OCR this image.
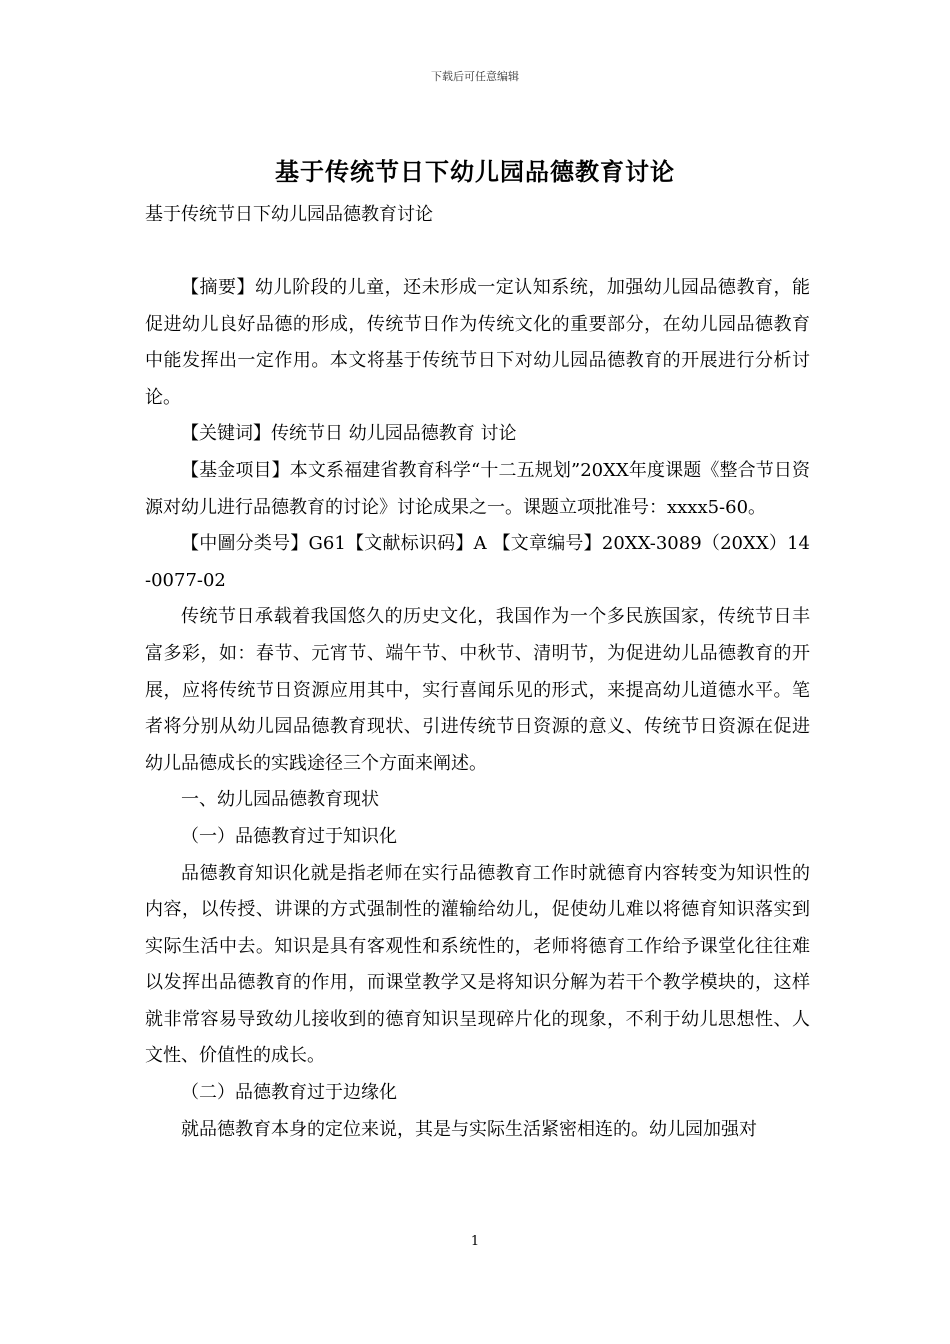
下载后可任意编辑
基于传统节日下幼儿园品德教育讨论
基于传统节日下幼儿园品德教育讨论

【摘要】幼儿阶段的儿童，还未形成一定认知系统，加强幼儿园品德教育，能促进幼儿良好品德的形成，传统节日作为传统文化的重要部分，在幼儿园品德教育中能发挥出一定作用。本文将基于传统节日下对幼儿园品德教育的开展进行分析讨论。

【关键词】传统节日 幼儿园品德教育 讨论

【基金项目】本文系福建省教育科学“十二五规划”20XX年度课题《整合节日资源对幼儿进行品德教育的讨论》讨论成果之一。课题立项批准号：xxxx5-60。

【中圖分类号】G61【文献标识码】A 【文章编号】20XX-3089（20XX）14-0077-02

传统节日承载着我国悠久的历史文化，我国作为一个多民族国家，传统节日丰富多彩，如：春节、元宵节、端午节、中秋节、清明节，为促进幼儿品德教育的开展，应将传统节日资源应用其中，实行喜闻乐见的形式，来提高幼儿道德水平。笔者将分别从幼儿园品德教育现状、引进传统节日资源的意义、传统节日资源在促进幼儿品德成长的实践途径三个方面来阐述。

一、幼儿园品德教育现状

（一）品德教育过于知识化

品德教育知识化就是指老师在实行品德教育工作时就德育内容转变为知识性的内容，以传授、讲课的方式强制性的灌输给幼儿，促使幼儿难以将德育知识落实到实际生活中去。知识是具有客观性和系统性的，老师将德育工作给予课堂化往往难以发挥出品德教育的作用，而课堂教学又是将知识分解为若干个教学模块的，这样就非常容易导致幼儿接收到的德育知识呈现碎片化的现象，不利于幼儿思想性、人文性、价值性的成长。

（二）品德教育过于边缘化

就品德教育本身的定位来说，其是与实际生活紧密相连的。幼儿园加强对

1
